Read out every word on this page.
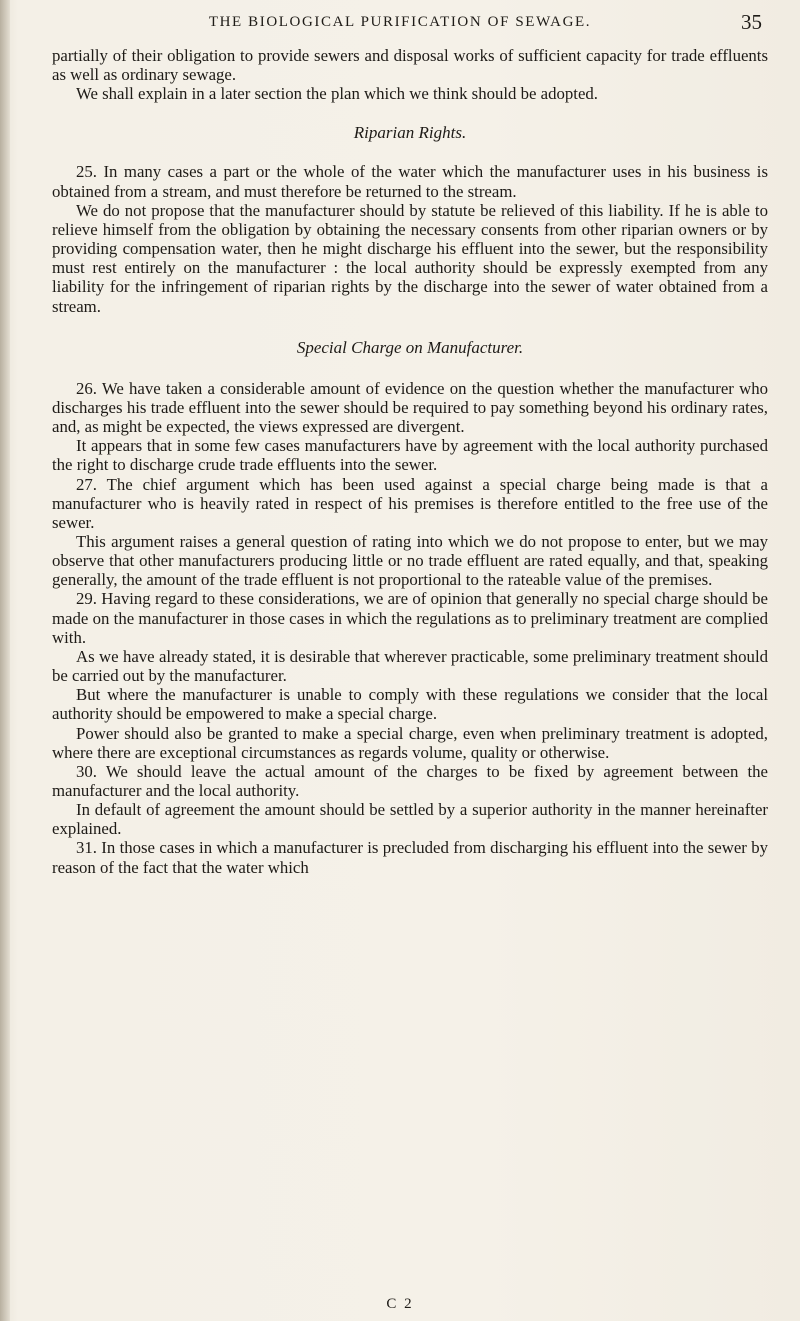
THE BIOLOGICAL PURIFICATION OF SEWAGE.	35

partially of their obligation to provide sewers and disposal works of sufficient capacity for trade effluents as well as ordinary sewage.

We shall explain in a later section the plan which we think should be adopted.

Riparian Rights.

25. In many cases a part or the whole of the water which the manufacturer uses in his business is obtained from a stream, and must therefore be returned to the stream.

We do not propose that the manufacturer should by statute be relieved of this liability. If he is able to relieve himself from the obligation by obtaining the necessary consents from other riparian owners or by providing compensation water, then he might discharge his effluent into the sewer, but the responsibility must rest entirely on the manufacturer : the local authority should be expressly exempted from any liability for the infringement of riparian rights by the discharge into the sewer of water obtained from a stream.

Special Charge on Manufacturer.

26. We have taken a considerable amount of evidence on the question whether the manufacturer who discharges his trade effluent into the sewer should be required to pay something beyond his ordinary rates, and, as might be expected, the views expressed are divergent.

It appears that in some few cases manufacturers have by agreement with the local authority purchased the right to discharge crude trade effluents into the sewer.

27. The chief argument which has been used against a special charge being made is that a manufacturer who is heavily rated in respect of his premises is therefore entitled to the free use of the sewer.

This argument raises a general question of rating into which we do not propose to enter, but we may observe that other manufacturers producing little or no trade effluent are rated equally, and that, speaking generally, the amount of the trade effluent is not proportional to the rateable value of the premises.

29. Having regard to these considerations, we are of opinion that generally no special charge should be made on the manufacturer in those cases in which the regulations as to preliminary treatment are complied with.

As we have already stated, it is desirable that wherever practicable, some preliminary treatment should be carried out by the manufacturer.

But where the manufacturer is unable to comply with these regulations we consider that the local authority should be empowered to make a special charge.

Power should also be granted to make a special charge, even when preliminary treatment is adopted, where there are exceptional circumstances as regards volume, quality or otherwise.

30. We should leave the actual amount of the charges to be fixed by agreement between the manufacturer and the local authority.

In default of agreement the amount should be settled by a superior authority in the manner hereinafter explained.

31. In those cases in which a manufacturer is precluded from discharging his effluent into the sewer by reason of the fact that the water which

C 2
